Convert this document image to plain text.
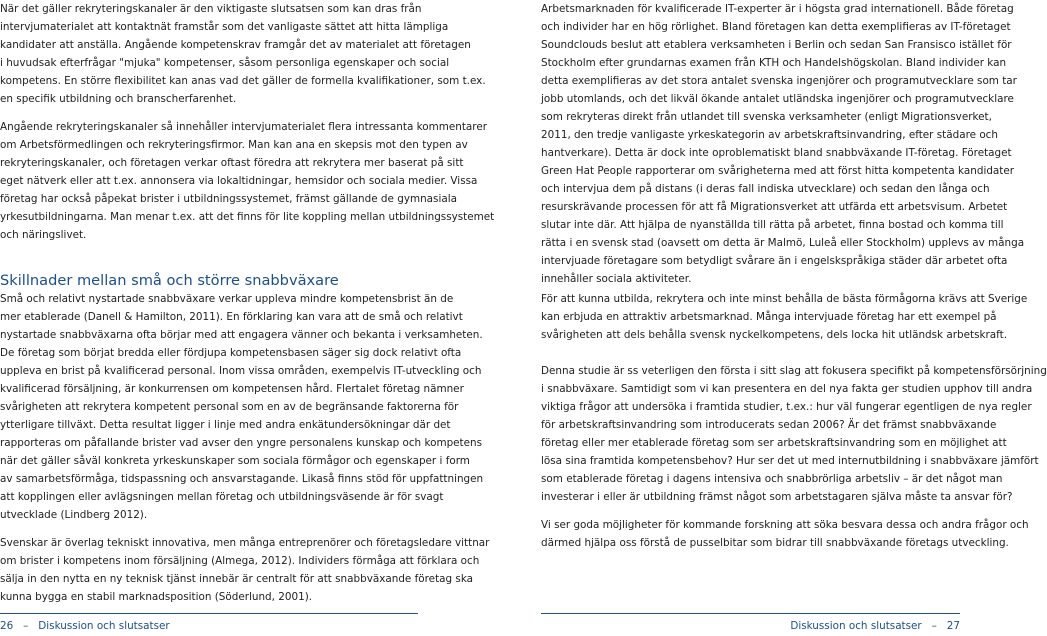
När det gäller rekryteringskanaler är den viktigaste slutsatsen som kan dras från
intervjumaterialet att kontaktnät framstår som det vanligaste sättet att hitta lämpliga
kandidater att anställa. Angående kompetenskrav framgår det av materialet att företagen
i huvudsak efterfrågar "mjuka" kompetenser, såsom personliga egenskaper och social
kompetens. En större flexibilitet kan anas vad det gäller de formella kvalifikationer, som t.ex.
en specifik utbildning och branscherfarenhet.
Angående rekryteringskanaler så innehåller intervjumaterialet flera intressanta kommentarer
om Arbetsförmedlingen och rekryteringsfirmor. Man kan ana en skepsis mot den typen av
rekryteringskanaler, och företagen verkar oftast föredra att rekrytera mer baserat på sitt
eget nätverk eller att t.ex. annonsera via lokaltidningar, hemsidor och sociala medier. Vissa
företag har också påpekat brister i utbildningssystemet, främst gällande de gymnasiala
yrkesutbildningarna. Man menar t.ex. att det finns för lite koppling mellan utbildningssystemet
och näringslivet.
Skillnader mellan små och större snabbväxare
Små och relativt nystartade snabbväxare verkar uppleva mindre kompetensbrist än de
mer etablerade (Danell & Hamilton, 2011). En förklaring kan vara att de små och relativt
nystartade snabbväxarna ofta börjar med att engagera vänner och bekanta i verksamheten.
De företag som börjat bredda eller fördjupa kompetensbasen säger sig dock relativt ofta
uppleva en brist på kvalificerad personal. Inom vissa områden, exempelvis IT-utveckling och
kvalificerad försäljning, är konkurrensen om kompetensen hård. Flertalet företag nämner
svårigheten att rekrytera kompetent personal som en av de begränsande faktorerna för
ytterligare tillväxt. Detta resultat ligger i linje med andra enkätundersökningar där det
rapporteras om påfallande brister vad avser den yngre personalens kunskap och kompetens
när det gäller såväl konkreta yrkeskunskaper som sociala förmågor och egenskaper i form
av samarbetsförmåga, tidspassning och ansvarstagande. Likaså finns stöd för uppfattningen
att kopplingen eller avlägsningen mellan företag och utbildningsväsende är för svagt
utvecklade (Lindberg 2012).
Svenskar är överlag tekniskt innovativa, men många entreprenörer och företagsledare vittnar
om brister i kompetens inom försäljning (Almega, 2012). Individers förmåga att förklara och
sälja in den nytta en ny teknisk tjänst innebär är centralt för att snabbväxande företag ska
kunna bygga en stabil marknadsposition (Söderlund, 2001).
Arbetsmarknaden för kvalificerade IT-experter är i högsta grad internationell. Både företag
och individer har en hög rörlighet. Bland företagen kan detta exemplifieras av IT-företaget
Soundclouds beslut att etablera verksamheten i Berlin och sedan San Fransisco istället för
Stockholm efter grundarnas examen från KTH och Handelshögskolan. Bland individer kan
detta exemplifieras av det stora antalet svenska ingenjörer och programutvecklare som tar
jobb utomlands, och det likväl ökande antalet utländska ingenjörer och programutvecklare
som rekryteras direkt från utlandet till svenska verksamheter (enligt Migrationsverket,
2011, den tredje vanligaste yrkeskategorin av arbetskraftsinvandring, efter städare och
hantverkare). Detta är dock inte oproblematiskt bland snabbväxande IT-företag. Företaget
Green Hat People rapporterar om svårigheterna med att först hitta kompetenta kandidater
och intervjua dem på distans (i deras fall indiska utvecklare) och sedan den långa och
resurskrävande processen för att få Migrationsverket att utfärda ett arbetsvisum. Arbetet
slutar inte där. Att hjälpa de nyanställda till rätta på arbetet, finna bostad och komma till
rätta i en svensk stad (oavsett om detta är Malmö, Luleå eller Stockholm) upplevs av många
intervjuade företagare som betydligt svårare än i engelskspråkiga städer där arbetet ofta
innehåller sociala aktiviteter.
För att kunna utbilda, rekrytera och inte minst behålla de bästa förmågorna krävs att Sverige
kan erbjuda en attraktiv arbetsmarknad. Många intervjuade företag har ett exempel på
svårigheten att dels behålla svensk nyckelkompetens, dels locka hit utländsk arbetskraft.
Denna studie är ss veterligen den första i sitt slag att fokusera specifikt på kompetensförsörjning
i snabbväxare. Samtidigt som vi kan presentera en del nya fakta ger studien upphov till andra
viktiga frågor att undersöka i framtida studier, t.ex.: hur väl fungerar egentligen de nya regler
för arbetskraftsinvandring som introducerats sedan 2006? Är det främst snabbväxande
företag eller mer etablerade företag som ser arbetskraftsinvandring som en möjlighet att
lösa sina framtida kompetensbehov? Hur ser det ut med internutbildning i snabbväxare jämfört
som etablerade företag i dagens intensiva och snabbrörliga arbetsliv – är det något man
investerar i eller är utbildning främst något som arbetstagaren själva måste ta ansvar för?
Vi ser goda möjligheter för kommande forskning att söka besvara dessa och andra frågor och
därmed hjälpa oss förstå de pusselbitar som bidrar till snabbväxande företags utveckling.
26   –   Diskussion och slutsatser	Diskussion och slutsatser   –   27
